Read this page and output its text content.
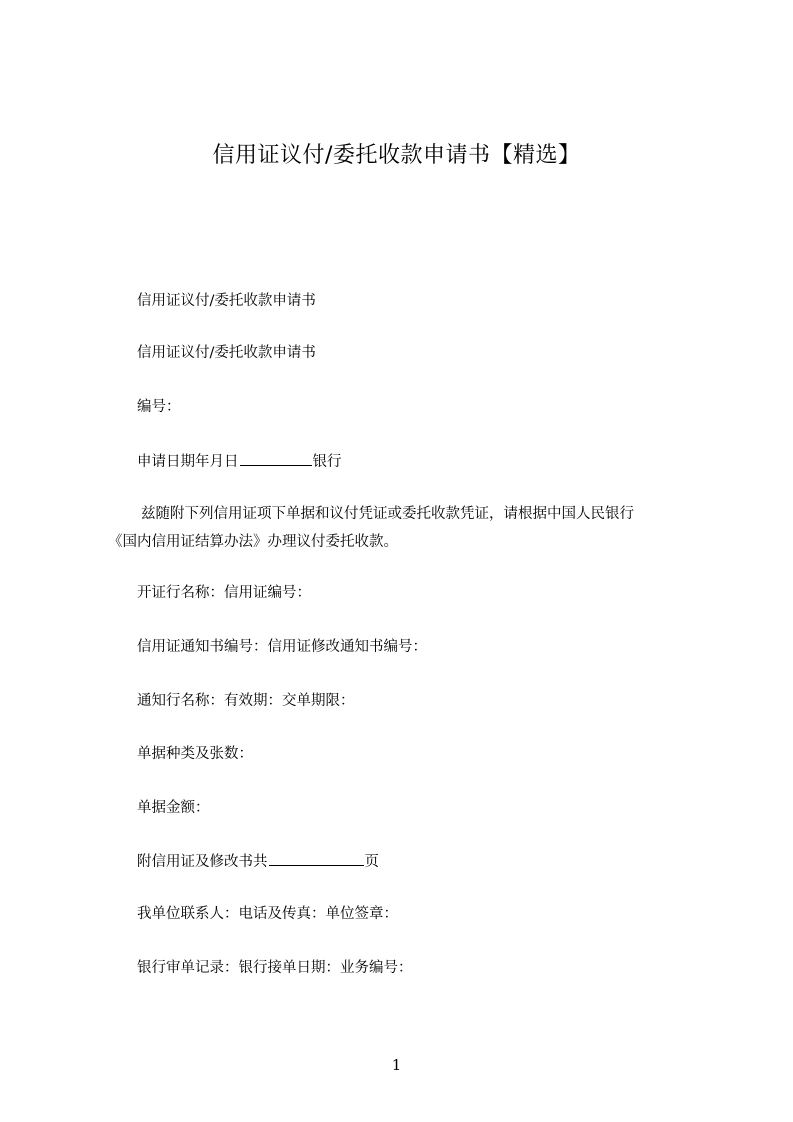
信用证议付/委托收款申请书【精选】
信用证议付/委托收款申请书
信用证议付/委托收款申请书
编号：
申请日期年月日	银行
兹随附下列信用证项下单据和议付凭证或委托收款凭证，请根据中国人民银行
《国内信用证结算办法》办理议付委托收款。
开证行名称：信用证编号：
信用证通知书编号：信用证修改通知书编号：
通知行名称：有效期：交单期限：
单据种类及张数：
单据金额：
附信用证及修改书共	页
我单位联系人：电话及传真：单位签章：
银行审单记录：银行接单日期：业务编号：
1
